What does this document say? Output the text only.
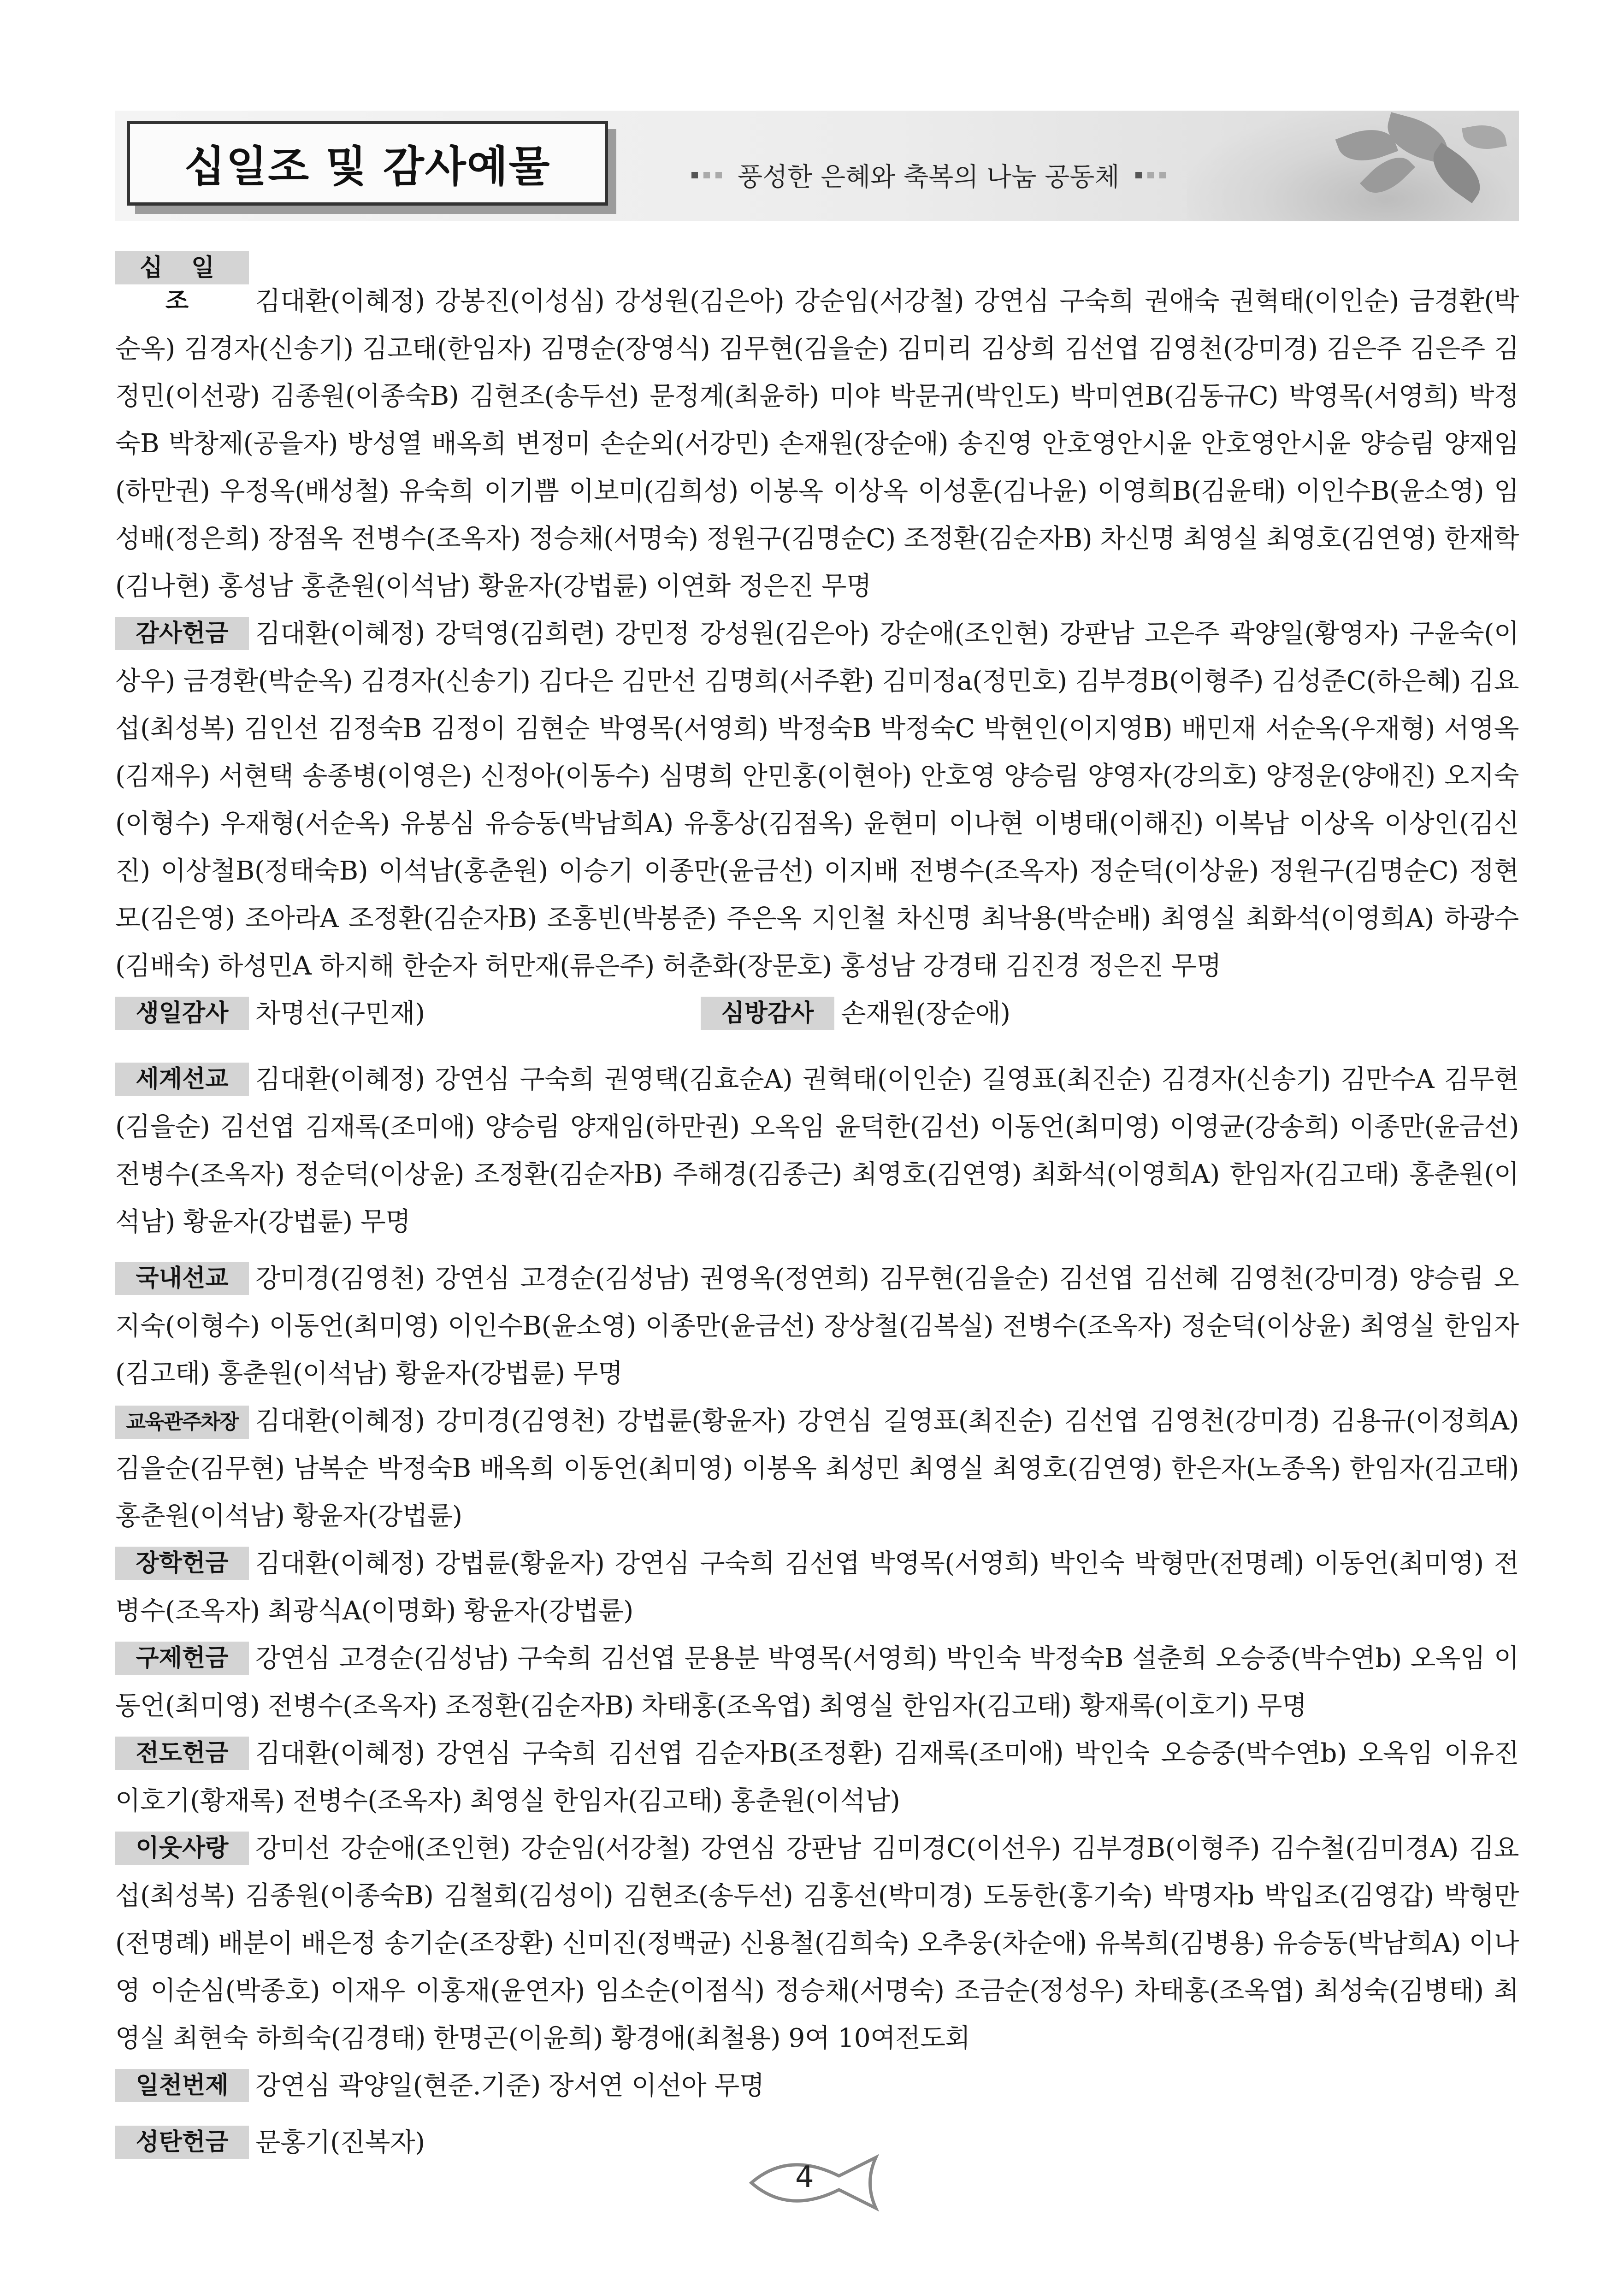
십일조 및 감사예물	풍성한 은혜와 축복의 나눔 공동체

십 일 조 김대환(이혜정) 강봉진(이성심) 강성원(김은아) 강순임(서강철) 강연심 구숙희 권애숙 권혁태(이인순) 금경환(박순옥) 김경자(신송기) 김고태(한임자) 김명순(장영식) 김무현(김을순) 김미리 김상희 김선엽 김영천(강미경) 김은주 김은주 김정민(이선광) 김종원(이종숙B) 김현조(송두선) 문정계(최윤하) 미야 박문귀(박인도) 박미연B(김동규C) 박영목(서영희) 박정숙B 박창제(공을자) 방성열 배옥희 변정미 손순외(서강민) 손재원(장순애) 송진영 안호영안시윤 안호영안시윤 양승림 양재임(하만권) 우정옥(배성철) 유숙희 이기쁨 이보미(김희성) 이봉옥 이상옥 이성훈(김나윤) 이영희B(김윤태) 이인수B(윤소영) 임성배(정은희) 장점옥 전병수(조옥자) 정승채(서명숙) 정원구(김명순C) 조정환(김순자B) 차신명 최영실 최영호(김연영) 한재학(김나현) 홍성남 홍춘원(이석남) 황윤자(강법륜) 이연화 정은진 무명

감사헌금 김대환(이혜정) 강덕영(김희련) 강민정 강성원(김은아) 강순애(조인현) 강판남 고은주 곽양일(황영자) 구윤숙(이상우) 금경환(박순옥) 김경자(신송기) 김다은 김만선 김명희(서주환) 김미정a(정민호) 김부경B(이형주) 김성준C(하은혜) 김요섭(최성복) 김인선 김정숙B 김정이 김현순 박영목(서영희) 박정숙B 박정숙C 박현인(이지영B) 배민재 서순옥(우재형) 서영옥(김재우) 서현택 송종병(이영은) 신정아(이동수) 심명희 안민홍(이현아) 안호영 양승림 양영자(강의호) 양정운(양애진) 오지숙(이형수) 우재형(서순옥) 유봉심 유승동(박남희A) 유홍상(김점옥) 윤현미 이나현 이병태(이해진) 이복남 이상옥 이상인(김신진) 이상철B(정태숙B) 이석남(홍춘원) 이승기 이종만(윤금선) 이지배 전병수(조옥자) 정순덕(이상윤) 정원구(김명순C) 정현모(김은영) 조아라A 조정환(김순자B) 조홍빈(박봉준) 주은옥 지인철 차신명 최낙용(박순배) 최영실 최화석(이영희A) 하광수(김배숙) 하성민A 하지해 한순자 허만재(류은주) 허춘화(장문호) 홍성남 강경태 김진경 정은진 무명

생일감사 차명선(구민재)	심방감사 손재원(장순애)

세계선교 김대환(이혜정) 강연심 구숙희 권영택(김효순A) 권혁태(이인순) 길영표(최진순) 김경자(신송기) 김만수A 김무현(김을순) 김선엽 김재록(조미애) 양승림 양재임(하만권) 오옥임 윤덕한(김선) 이동언(최미영) 이영균(강송희) 이종만(윤금선) 전병수(조옥자) 정순덕(이상윤) 조정환(김순자B) 주해경(김종근) 최영호(김연영) 최화석(이영희A) 한임자(김고태) 홍춘원(이석남) 황윤자(강법륜) 무명

국내선교 강미경(김영천) 강연심 고경순(김성남) 권영옥(정연희) 김무현(김을순) 김선엽 김선혜 김영천(강미경) 양승림 오지숙(이형수) 이동언(최미영) 이인수B(윤소영) 이종만(윤금선) 장상철(김복실) 전병수(조옥자) 정순덕(이상윤) 최영실 한임자(김고태) 홍춘원(이석남) 황윤자(강법륜) 무명

교육관주차장 김대환(이혜정) 강미경(김영천) 강법륜(황윤자) 강연심 길영표(최진순) 김선엽 김영천(강미경) 김용규(이정희A) 김을순(김무현) 남복순 박정숙B 배옥희 이동언(최미영) 이봉옥 최성민 최영실 최영호(김연영) 한은자(노종옥) 한임자(김고태) 홍춘원(이석남) 황윤자(강법륜)

장학헌금 김대환(이혜정) 강법륜(황윤자) 강연심 구숙희 김선엽 박영목(서영희) 박인숙 박형만(전명례) 이동언(최미영) 전병수(조옥자) 최광식A(이명화) 황윤자(강법륜)

구제헌금 강연심 고경순(김성남) 구숙희 김선엽 문용분 박영목(서영희) 박인숙 박정숙B 설춘희 오승중(박수연b) 오옥임 이동언(최미영) 전병수(조옥자) 조정환(김순자B) 차태홍(조옥엽) 최영실 한임자(김고태) 황재록(이호기) 무명

전도헌금 김대환(이혜정) 강연심 구숙희 김선엽 김순자B(조정환) 김재록(조미애) 박인숙 오승중(박수연b) 오옥임 이유진 이호기(황재록) 전병수(조옥자) 최영실 한임자(김고태) 홍춘원(이석남)

이웃사랑 강미선 강순애(조인현) 강순임(서강철) 강연심 강판남 김미경C(이선우) 김부경B(이형주) 김수철(김미경A) 김요섭(최성복) 김종원(이종숙B) 김철회(김성이) 김현조(송두선) 김홍선(박미경) 도동한(홍기숙) 박명자b 박입조(김영갑) 박형만(전명례) 배분이 배은정 송기순(조장환) 신미진(정백균) 신용철(김희숙) 오추웅(차순애) 유복희(김병용) 유승동(박남희A) 이나영 이순심(박종호) 이재우 이홍재(윤연자) 임소순(이점식) 정승채(서명숙) 조금순(정성우) 차태홍(조옥엽) 최성숙(김병태) 최영실 최현숙 하희숙(김경태) 한명곤(이윤희) 황경애(최철용) 9여 10여전도회

일천번제 강연심 곽양일(현준.기준) 장서연 이선아 무명

성탄헌금 문홍기(진복자)

4
